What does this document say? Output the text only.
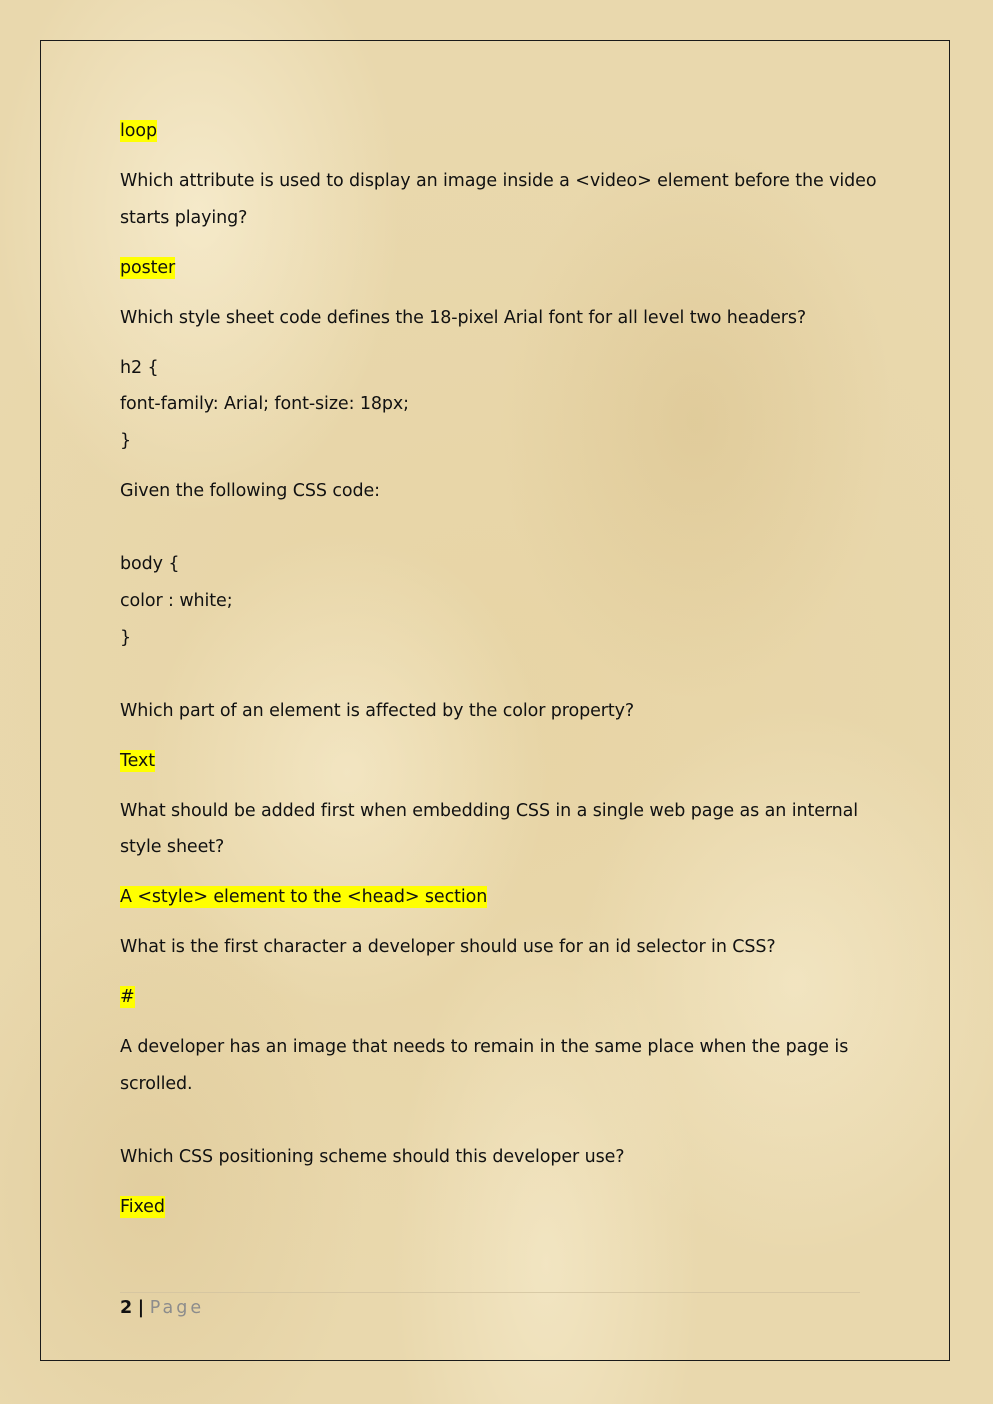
loop
Which attribute is used to display an image inside a <video> element before the video
starts playing?
poster
Which style sheet code defines the 18-pixel Arial font for all level two headers?
h2 {
font-family: Arial; font-size: 18px;
}
Given the following CSS code:
body {
color : white;
}
Which part of an element is affected by the color property?
Text
What should be added first when embedding CSS in a single web page as an internal
style sheet?
A <style> element to the <head> section
What is the first character a developer should use for an id selector in CSS?
#
A developer has an image that needs to remain in the same place when the page is
scrolled.
Which CSS positioning scheme should this developer use?
Fixed
2 | Page
